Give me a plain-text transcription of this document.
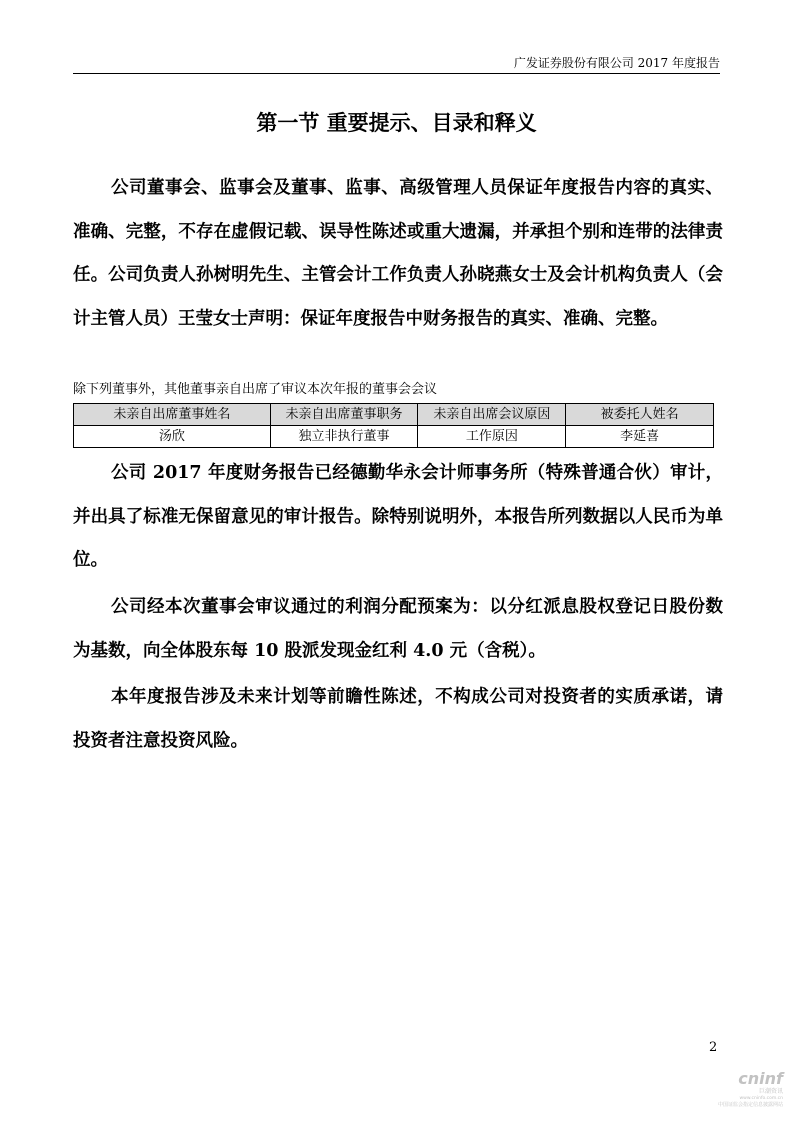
广发证券股份有限公司 2017 年度报告
第一节 重要提示、目录和释义

公司董事会、监事会及董事、监事、高级管理人员保证年度报告内容的真实、准确、完整，不存在虚假记载、误导性陈述或重大遗漏，并承担个别和连带的法律责任。公司负责人孙树明先生、主管会计工作负责人孙晓燕女士及会计机构负责人（会计主管人员）王莹女士声明：保证年度报告中财务报告的真实、准确、完整。

除下列董事外，其他董事亲自出席了审议本次年报的董事会会议
未亲自出席董事姓名	未亲自出席董事职务	未亲自出席会议原因	被委托人姓名
汤欣	独立非执行董事	工作原因	李延喜

公司 2017 年度财务报告已经德勤华永会计师事务所（特殊普通合伙）审计，并出具了标准无保留意见的审计报告。除特别说明外，本报告所列数据以人民币为单位。

公司经本次董事会审议通过的利润分配预案为：以分红派息股权登记日股份数为基数，向全体股东每 10 股派发现金红利 4.0 元（含税）。

本年度报告涉及未来计划等前瞻性陈述，不构成公司对投资者的实质承诺，请投资者注意投资风险。

2
cninf
巨潮资讯
www.cninfo.com.cn
中国证监会指定信息披露网站
